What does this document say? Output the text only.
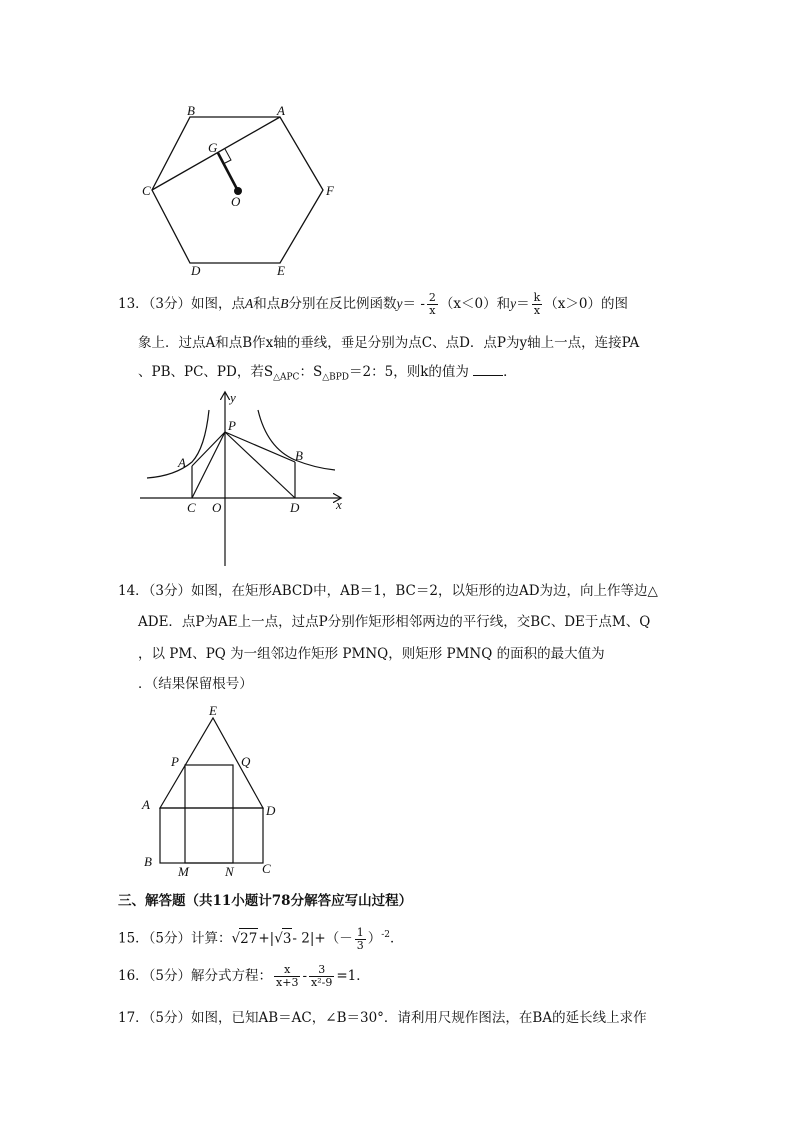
B	A
G
C	F
O
D	E
13．（3分）如图，点A和点B分别在反比例函数$y= - \frac{2}{x} (x<0)$和$y= \frac{k}{x} (x>0)$的图
象上．过点A和点B作x轴的垂线，垂足分别为点C、点D．点P为y轴上一点，连接PA
、PB、PC、PD，若$S_{\triangle APC}$：$S_{\triangle BPD}=2$：5，则k的值为	．
y
P
A	B
C O	D	x
14．（3分）如图，在矩形ABCD中，AB＝1，BC＝2，以矩形的边AD为边，向上作等边△
ADE．点P为AE上一点，过点P分别作矩形相邻两边的平行线，交BC、DE于点M、Q
，以 PM、PQ 为一组邻边作矩形 PMNQ，则矩形 PMNQ 的面积的最大值为
．（结果保留根号）
E
P	Q
A	D
B
M	N C
三、解答题（共11小题计78分解答应写山过程）
15．（5分）计算：√27+|√3- $2|+(- \frac{1}{3} )^{-2}$．
16．（5分）解分式方程： $\frac{x}{x+3} - \frac{3}{\text{x²-9}} =1$．
17．（5分）如图，已知AB＝AC，∠B＝30°．请利用尺规作图法，在BA的延长线上求作
